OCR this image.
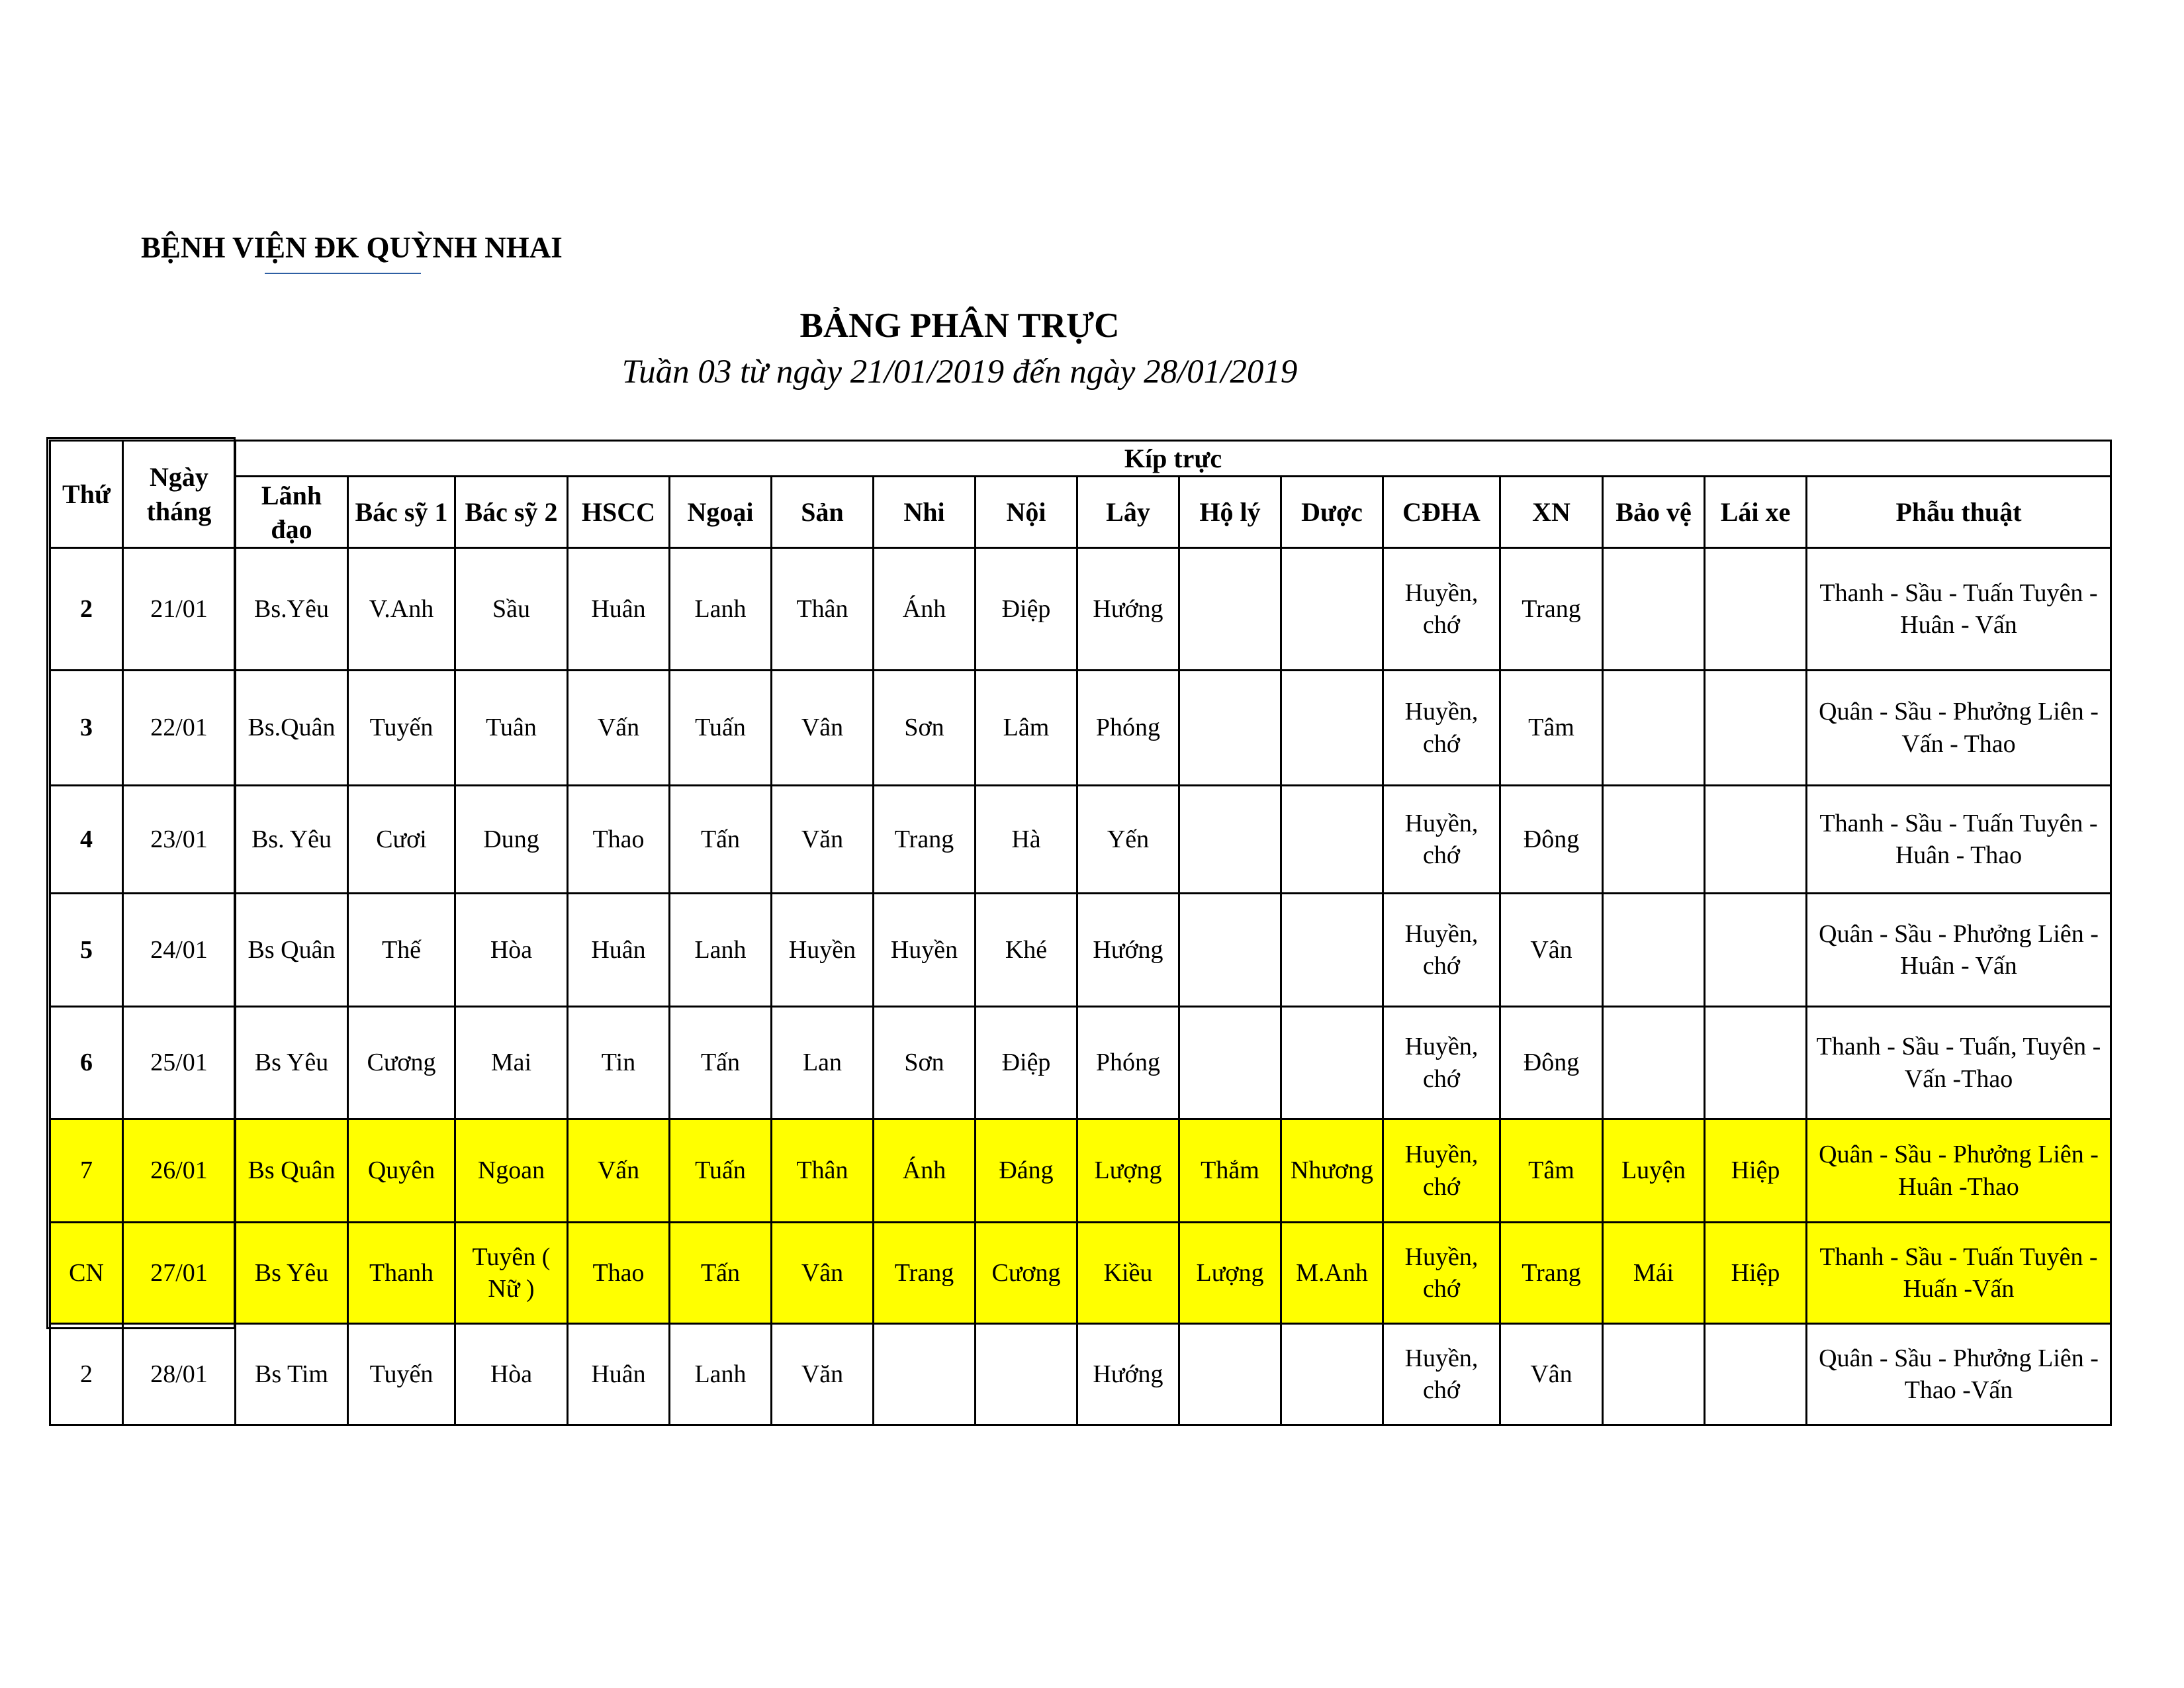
BỆNH VIỆN ĐK QUỲNH NHAI
BẢNG PHÂN TRỰC
Tuần 03 từ ngày 21/01/2019 đến ngày 28/01/2019
Thứ	Ngày tháng	Kíp trực															
		Lãnh đạo	Bác sỹ 1	Bác sỹ 2	HSCC	Ngoại	Sản	Nhi	Nội	Lây	Hộ lý	Dược	CĐHA	XN	Bảo vệ	Lái xe	Phẫu thuật
2	21/01	Bs.Yêu	V.Anh	Sầu	Huân	Lanh	Thân	Ánh	Điệp	Hướng			Huyền, chớ	Trang			Thanh - Sầu - Tuấn Tuyên - Huân - Vấn
3	22/01	Bs.Quân	Tuyến	Tuân	Vấn	Tuấn	Vân	Sơn	Lâm	Phóng			Huyền, chớ	Tâm			Quân - Sầu - Phưởng Liên - Vấn - Thao
4	23/01	Bs. Yêu	Cươi	Dung	Thao	Tấn	Văn	Trang	Hà	Yến			Huyền, chớ	Đông			Thanh - Sầu - Tuấn Tuyên - Huân - Thao
5	24/01	Bs Quân	Thế	Hòa	Huân	Lanh	Huyền	Huyền	Khé	Hướng			Huyền, chớ	Vân			Quân - Sầu - Phưởng Liên - Huân - Vấn
6	25/01	Bs Yêu	Cương	Mai	Tin	Tấn	Lan	Sơn	Điệp	Phóng			Huyền, chớ	Đông			Thanh - Sầu - Tuấn, Tuyên -Vấn -Thao
7	26/01	Bs Quân	Quyên	Ngoan	Vấn	Tuấn	Thân	Ánh	Đáng	Lượng	Thắm	Nhương	Huyền, chớ	Tâm	Luyện	Hiệp	Quân - Sầu - Phưởng Liên - Huân -Thao
CN	27/01	Bs Yêu	Thanh	Tuyên ( Nữ )	Thao	Tấn	Vân	Trang	Cương	Kiều	Lượng	M.Anh	Huyền, chớ	Trang	Mái	Hiệp	Thanh - Sầu - Tuấn Tuyên - Huấn -Vấn
2	28/01	Bs Tim	Tuyến	Hòa	Huân	Lanh	Văn			Hướng			Huyền, chớ	Vân			Quân - Sầu - Phưởng Liên - Thao -Vấn
